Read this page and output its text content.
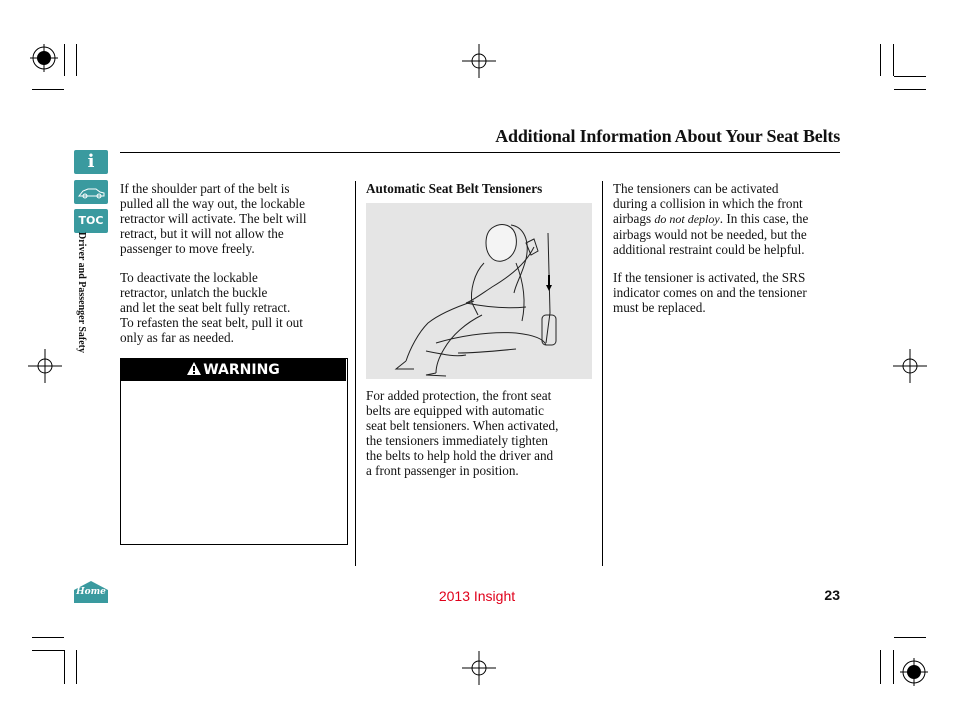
Additional Information About Your Seat Belts
i
TOC
Driver and Passenger Safety
Home
If the shoulder part of the belt is
pulled all the way out, the lockable
retractor will activate. The belt will
retract, but it will not allow the
passenger to move freely.
To deactivate the lockable
retractor, unlatch the buckle
and let the seat belt fully retract.
To refasten the seat belt, pull it out
only as far as needed.
WARNING
Automatic Seat Belt Tensioners
For added protection, the front seat
belts are equipped with automatic
seat belt tensioners. When activated,
the tensioners immediately tighten
the belts to help hold the driver and
a front passenger in position.
The tensioners can be activated
during a collision in which the front
airbags do not deploy. In this case, the
airbags would not be needed, but the
additional restraint could be helpful.
If the tensioner is activated, the SRS
indicator comes on and the tensioner
must be replaced.
2013 Insight	23
